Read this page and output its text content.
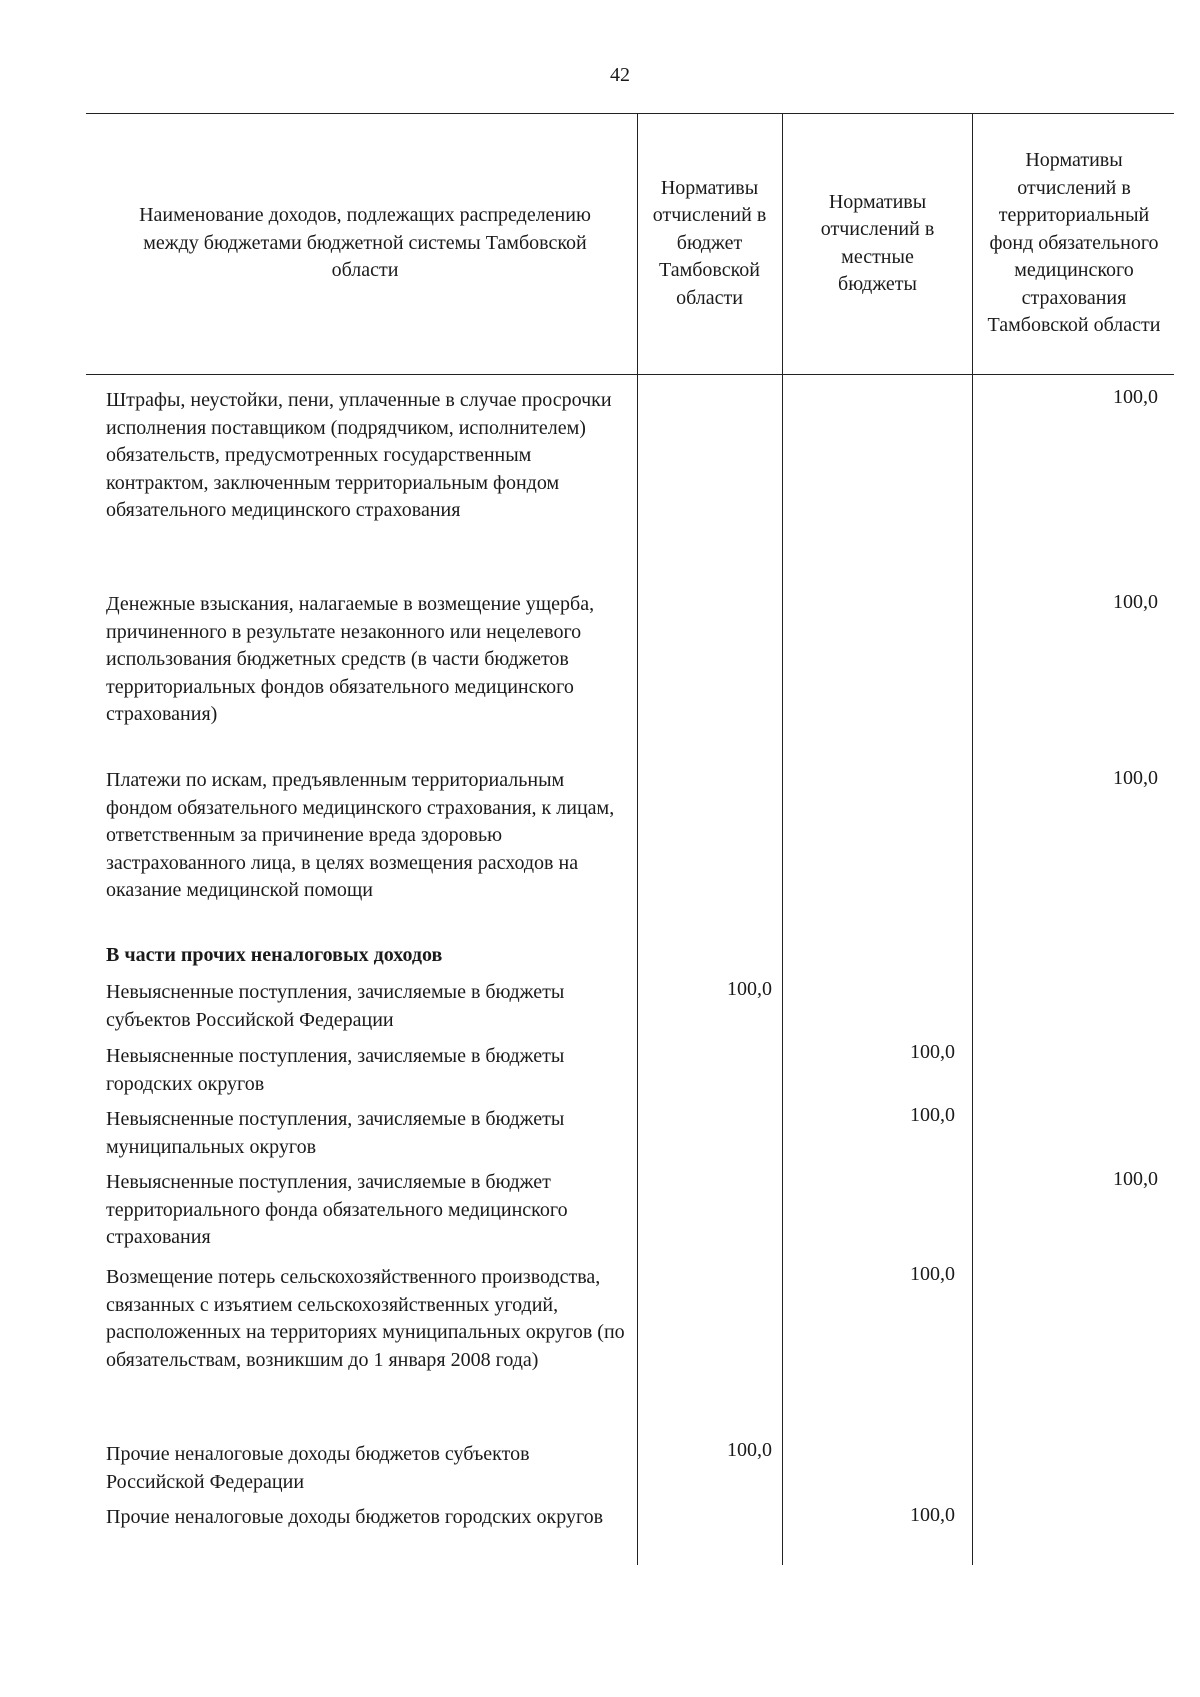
42
Наименование доходов, подлежащих распределению между бюджетами бюджетной системы Тамбовской области
Нормативы отчислений в бюджет Тамбовской области
Нормативы отчислений в местные бюджеты
Нормативы отчислений в территориальный фонд обязательного медицинского страхования Тамбовской области
Штрафы, неустойки, пени, уплаченные в случае просрочки исполнения поставщиком (подрядчиком, исполнителем) обязательств, предусмотренных государственным контрактом, заключенным территориальным фондом обязательного медицинского страхования
100,0
Денежные взыскания, налагаемые в возмещение ущерба, причиненного в результате незаконного или нецелевого использования бюджетных средств (в части бюджетов территориальных фондов обязательного медицинского страхования)
100,0
Платежи по искам, предъявленным территориальным фондом обязательного медицинского страхования, к лицам, ответственным за причинение вреда здоровью застрахованного лица, в целях возмещения расходов на оказание медицинской помощи
100,0
В части прочих неналоговых доходов
Невыясненные поступления, зачисляемые в бюджеты субъектов Российской Федерации
100,0
Невыясненные поступления, зачисляемые в бюджеты городских округов
100,0
Невыясненные поступления, зачисляемые в бюджеты муниципальных округов
100,0
Невыясненные поступления, зачисляемые в бюджет территориального фонда обязательного медицинского страхования
100,0
Возмещение потерь сельскохозяйственного производства, связанных с изъятием сельскохозяйственных угодий, расположенных на территориях муниципальных округов (по обязательствам, возникшим до 1 января 2008 года)
100,0
Прочие неналоговые доходы бюджетов субъектов Российской Федерации
100,0
Прочие неналоговые доходы бюджетов городских округов	100,0
